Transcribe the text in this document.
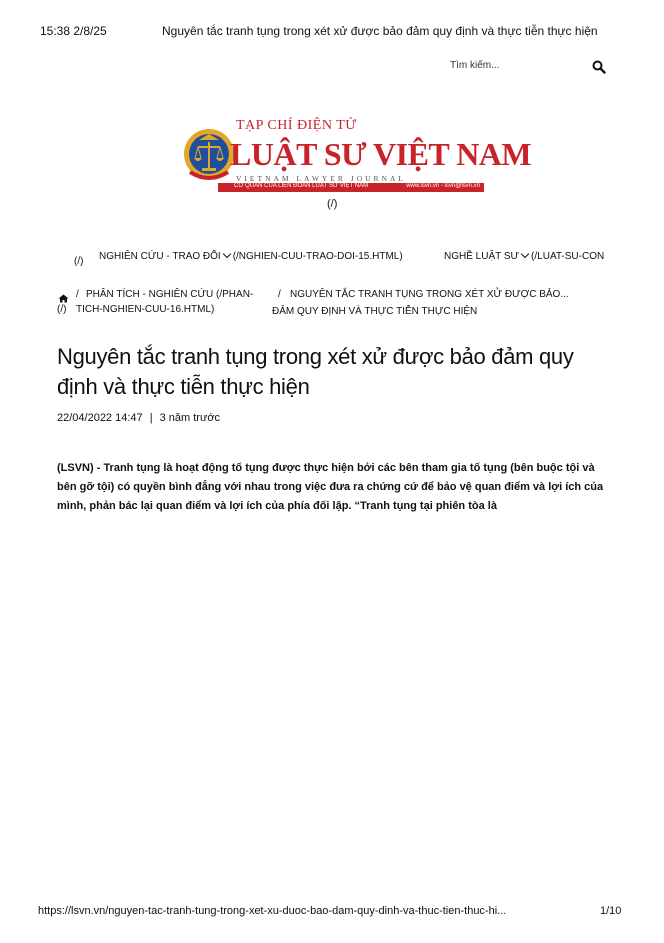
15:38 2/8/25	Nguyên tắc tranh tụng trong xét xử được bảo đảm quy định và thực tiễn thực hiện
Tìm kiếm...
TẠP CHÍ ĐIỆN TỬ
LUẬT SƯ VIỆT NAM
VIETNAM LAWYER JOURNAL
CƠ QUAN CỦA LIÊN ĐOÀN LUẬT SƯ VIỆT NAM	www.lsvn.vn - lsvn@lsvn.vn
(/)
(/) NGHIÊN CỨU - TRAO ĐỔI (/NGHIEN-CUU-TRAO-DOI-15.HTML)	NGHỀ LUẬT SƯ (/LUAT-SU-CON
/ PHÂN TÍCH - NGHIÊN CỨU (/PHAN-
(/) TICH-NGHIEN-CUU-16.HTML)
/ NGUYÊN TẮC TRANH TỤNG TRONG XÉT XỬ ĐƯỢC BẢO...
ĐẢM QUY ĐỊNH VÀ THỰC TIỄN THỰC HIỆN
Nguyên tắc tranh tụng trong xét xử được bảo đảm quy định và thực tiễn thực hiện
22/04/2022 14:47 | 3 năm trước

(LSVN) - Tranh tụng là hoạt động tố tụng được thực hiện bởi các bên tham gia tố tụng (bên buộc tội và bên gỡ tội) có quyền bình đẳng với nhau trong việc đưa ra chứng cứ để bảo vệ quan điểm và lợi ích của mình, phản bác lại quan điểm và lợi ích của phía đối lập. “Tranh tụng tại phiên tòa là

https://lsvn.vn/nguyen-tac-tranh-tung-trong-xet-xu-duoc-bao-dam-quy-dinh-va-thuc-tien-thuc-hi...	1/10
